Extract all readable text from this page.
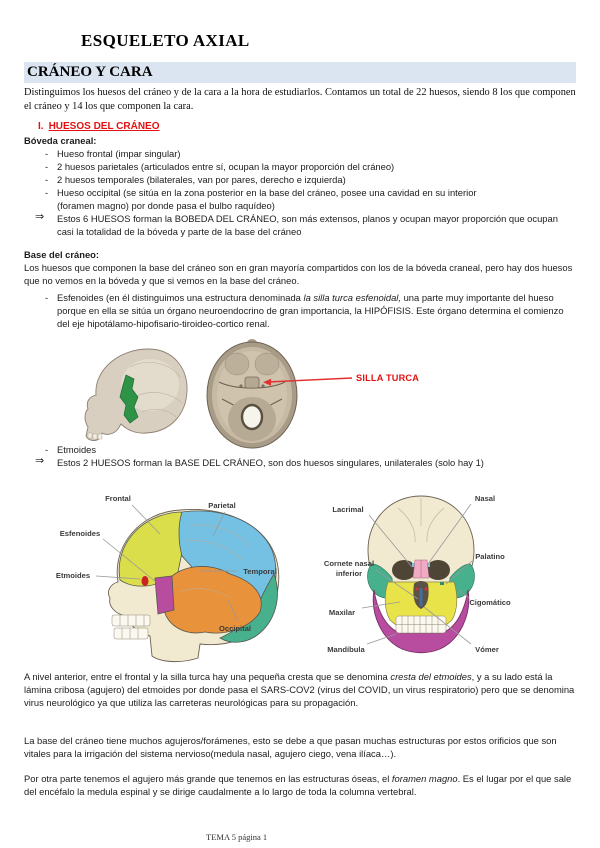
ESQUELETO AXIAL
CRÁNEO Y CARA
Distinguimos los huesos del cráneo y de la cara a la hora de estudiarlos. Contamos un total de 22 huesos, siendo 8 los que componen el cráneo y 14 los que componen la cara.
I. HUESOS DEL CRÁNEO
Bóveda craneal:
- Hueso frontal (impar singular)
- 2 huesos parietales (articulados entre sí, ocupan la mayor proporción del cráneo)
- 2 huesos temporales (bilaterales, van por pares, derecho e izquierda)
- Hueso occipital (se sitúa en la zona posterior en la base del cráneo, posee una cavidad en su interior (foramen magno) por donde pasa el bulbo raquídeo)
⇒ Estos 6 HUESOS forman la BOBEDA DEL CRÁNEO, son más extensos, planos y ocupan mayor proporción que ocupan casi la totalidad de la bóveda y parte de la base del cráneo
Base del cráneo:
Los huesos que componen la base del cráneo son en gran mayoría compartidos con los de la bóveda craneal, pero hay dos huesos que no vemos en la bóveda y que si vemos en la base del cráneo.
- Esfenoides (en él distinguimos una estructura denominada la silla turca esfenoidal, una parte muy importante del hueso porque en ella se sitúa un órgano neuroendocrino de gran importancia, la HIPÓFISIS. Este órgano determina el comienzo del eje hipotálamo-hipofisario-tiroideo-cortico renal.
SILLA TURCA
- Etmoides
⇒ Estos 2 HUESOS forman la BASE DEL CRÁNEO, son dos huesos singulares, unilaterales (solo hay 1)
Frontal
Parietal
Esfenoides
Etmoides	Temporal
Occipital
Nasal
Lacrimal
Cornete nasal
inferior
Palatino
Cigomático
Maxilar
Mandíbula	Vómer
A nivel anterior, entre el frontal y la silla turca hay una pequeña cresta que se denomina cresta del etmoides, y a su lado está la lámina cribosa (agujero) del etmoides por donde pasa el SARS-COV2 (virus del COVID, un virus respiratorio) pero que se denomina virus neurológico ya que utiliza las carreteras neurológicas para su propagación.
La base del cráneo tiene muchos agujeros/forámenes, esto se debe a que pasan muchas estructuras por estos orificios que son vitales para la irrigación del sistema nervioso(medula nasal, agujero ciego, vena ilíaca…).
Por otra parte tenemos el agujero más grande que tenemos en las estructuras óseas, el foramen magno. Es el lugar por el que sale del encéfalo la medula espinal y se dirige caudalmente a lo largo de toda la columna vertebral.
TEMA 5 página 1
